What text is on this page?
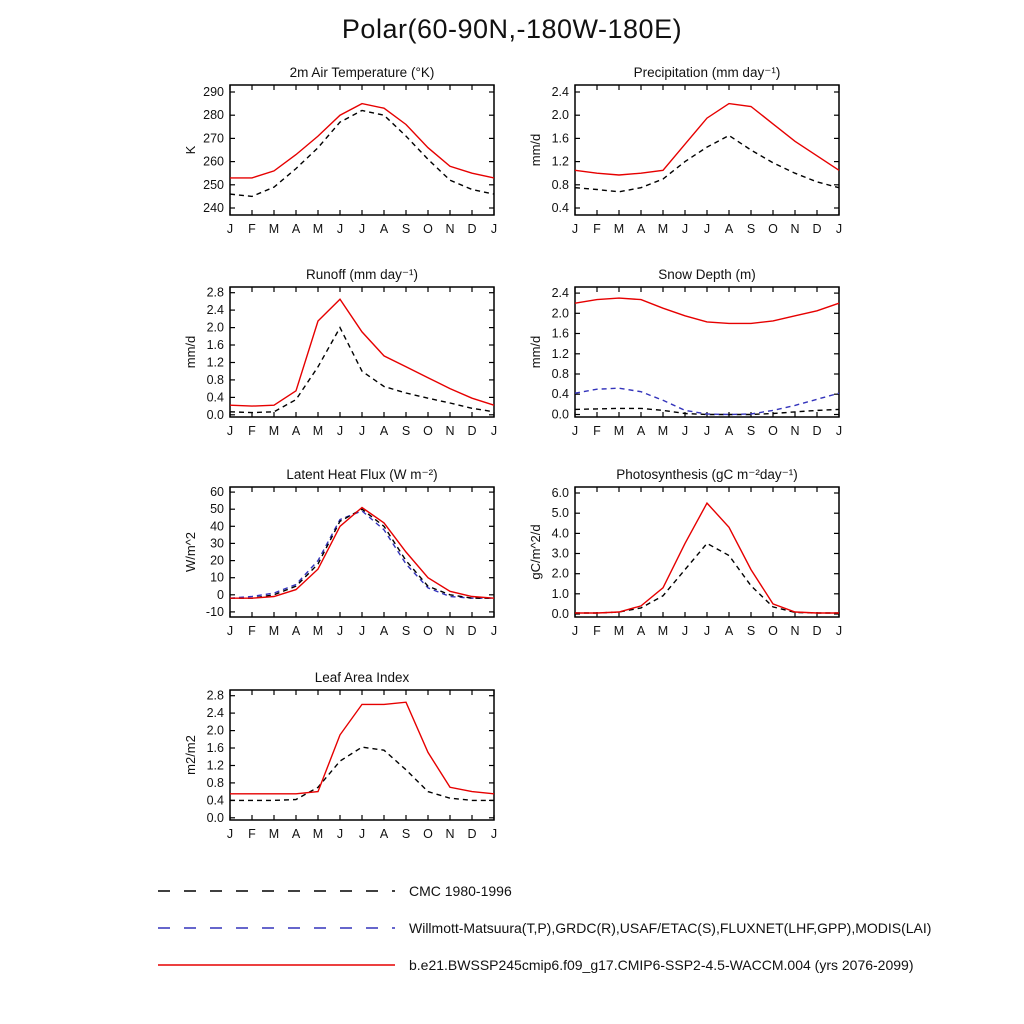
Polar(60-90N,-180W-180E)
2m Air Temperature (°K)
K
240
250
260
270
280
290
J F M A M J J A S O N D J
Precipitation (mm day⁻¹)
mm/d
0.4
0.8
1.2
1.6
2.0
2.4
J F M A M J J A S O N D J
Runoff (mm day⁻¹)
mm/d
0.0
0.4
0.8
1.2
1.6
2.0
2.4
2.8
J F M A M J J A S O N D J
Snow Depth (m)
mm/d
0.0
0.4
0.8
1.2
1.6
2.0
2.4
J F M A M J J A S O N D J
Latent Heat Flux (W m⁻²)
W/m^2
-10
0
10
20
30
40
50
60
J F M A M J J A S O N D J
Photosynthesis (gC m⁻²day⁻¹)
gC/m^2/d
0.0
1.0
2.0
3.0
4.0
5.0
6.0
J F M A M J J A S O N D J
Leaf Area Index
m2/m2
0.0
0.4
0.8
1.2
1.6
2.0
2.4
2.8
J F M A M J J A S O N D J
CMC 1980-1996
Willmott-Matsuura(T,P),GRDC(R),USAF/ETAC(S),FLUXNET(LHF,GPP),MODIS(LAI)
b.e21.BWSSP245cmip6.f09_g17.CMIP6-SSP2-4.5-WACCM.004 (yrs 2076-2099)
